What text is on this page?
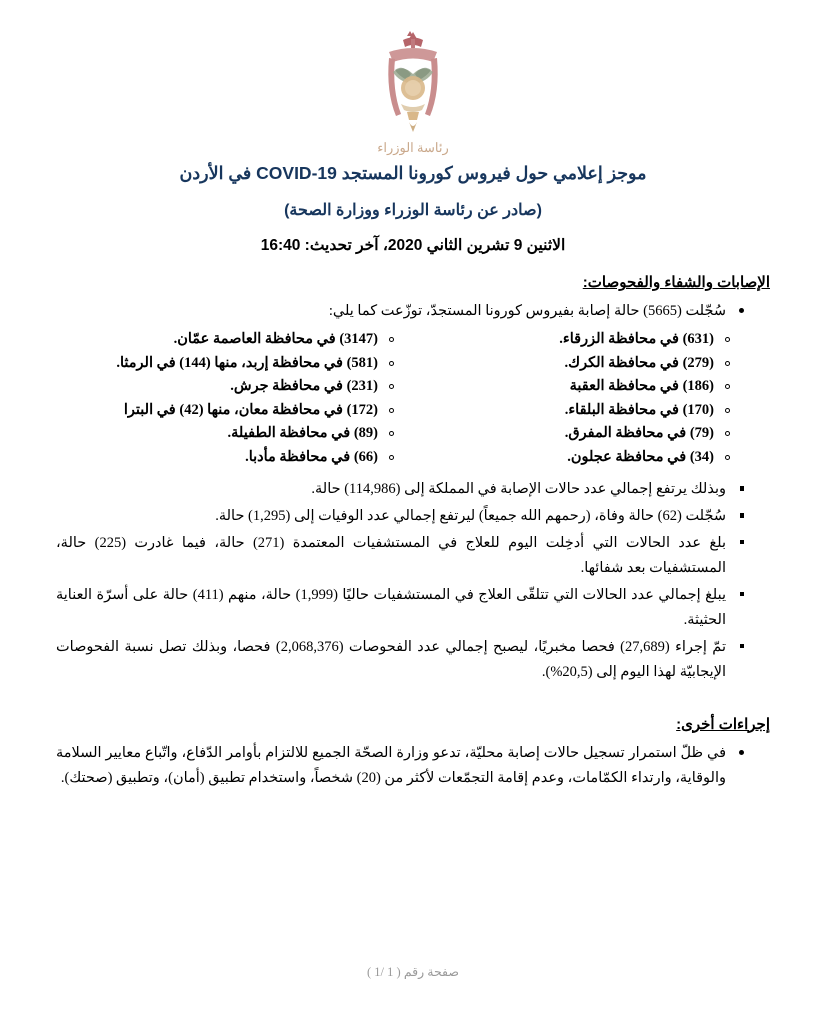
رئاسة الوزراء
موجز إعلامي حول فيروس كورونا المستجد COVID-19 في الأردن
(صادر عن رئاسة الوزراء ووزارة الصحة)
الاثنين 9 تشرين الثاني 2020، آخر تحديث: 16:40
الإصابات والشفاء والفحوصات:
سُجّلت (5665) حالة إصابة بفيروس كورونا المستجدّ، توزّعت كما يلي:
(631) في محافظة الزرقاء.
(3147) في محافظة العاصمة عمّان.
(279) في محافظة الكرك.
(581) في محافظة إربد، منها (144) في الرمثا.
(186) في محافظة العقبة
(231) في محافظة جرش.
(170) في محافظة البلقاء.
(172) في محافظة معان، منها (42) في البترا
(79) في محافظة المفرق.
(89) في محافظة الطفيلة.
(34) في محافظة عجلون.
(66) في محافظة مأدبا.
وبذلك يرتفع إجمالي عدد حالات الإصابة في المملكة إلى (114,986) حالة.
سُجّلت (62) حالة وفاة، (رحمهم الله جميعاً) ليرتفع إجمالي عدد الوفيات إلى (1,295) حالة.
بلغ عدد الحالات التي أدخِلت اليوم للعلاج في المستشفيات المعتمدة (271) حالة، فيما غادرت (225) حالة، المستشفيات بعد شفائها.
يبلغ إجمالي عدد الحالات التي تتلقّى العلاج في المستشفيات حاليًا (1,999) حالة، منهم (411) حالة على أسرّة العناية الحثيثة.
تمّ إجراء (27,689) فحصا مخبريًا، ليصبح إجمالي عدد الفحوصات (2,068,376) فحصا، وبذلك تصل نسبة الفحوصات الإيجابيّة لهذا اليوم إلى (20,5%).
إجراءات أخرى:
في ظلّ استمرار تسجيل حالات إصابة محليّة، تدعو وزارة الصحّة الجميع للالتزام بأوامر الدّفاع، واتّباع معايير السلامة والوقاية، وارتداء الكمّامات، وعدم إقامة التجمّعات لأكثر من (20) شخصاً، واستخدام تطبيق (أمان)، وتطبيق (صحتك).
صفحة رقم ( 1 /1 )
